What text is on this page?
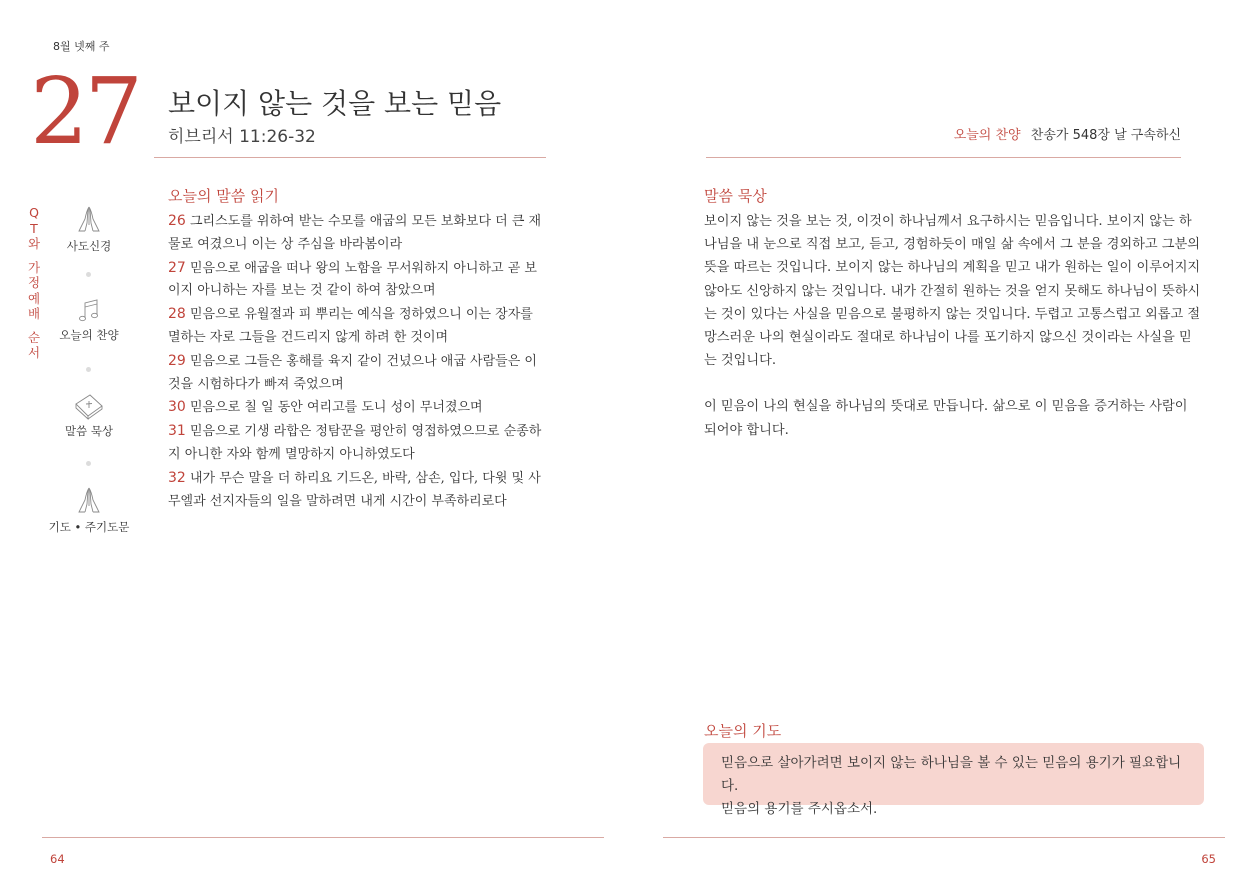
8월 넷째 주
27 보이지 않는 것을 보는 믿음
히브리서 11:26-32
Q
T
와
가
정
예
배
순
서
사도신경
오늘의 찬양
말씀 묵상
기도 • 주기도문
오늘의 말씀 읽기
26 그리스도를 위하여 받는 수모를 애굽의 모든 보화보다 더 큰 재물로 여겼으니 이는 상 주심을 바라봄이라
27 믿음으로 애굽을 떠나 왕의 노함을 무서워하지 아니하고 곧 보이지 아니하는 자를 보는 것 같이 하여 참았으며
28 믿음으로 유월절과 피 뿌리는 예식을 정하였으니 이는 장자를 멸하는 자로 그들을 건드리지 않게 하려 한 것이며
29 믿음으로 그들은 홍해를 육지 같이 건넜으나 애굽 사람들은 이것을 시험하다가 빠져 죽었으며
30 믿음으로 칠 일 동안 여리고를 도니 성이 무너졌으며
31 믿음으로 기생 라합은 정탐꾼을 평안히 영접하였으므로 순종하지 아니한 자와 함께 멸망하지 아니하였도다
32 내가 무슨 말을 더 하리요 기드온, 바락, 삼손, 입다, 다윗 및 사무엘과 선지자들의 일을 말하려면 내게 시간이 부족하리로다
64
오늘의 찬양 찬송가 548장 날 구속하신
말씀 묵상

보이지 않는 것을 보는 것, 이것이 하나님께서 요구하시는 믿음입니다. 보이지 않는 하나님을 내 눈으로 직접 보고, 듣고, 경험하듯이 매일 삶 속에서 그 분을 경외하고 그분의 뜻을 따르는 것입니다. 보이지 않는 하나님의 계획을 믿고 내가 원하는 일이 이루어지지 않아도 신앙하지 않는 것입니다. 내가 간절히 원하는 것을 얻지 못해도 하나님이 뜻하시는 것이 있다는 사실을 믿음으로 불평하지 않는 것입니다. 두렵고 고통스럽고 외롭고 절망스러운 나의 현실이라도 절대로 하나님이 나를 포기하지 않으신 것이라는 사실을 믿는 것입니다.

이 믿음이 나의 현실을 하나님의 뜻대로 만듭니다. 삶으로 이 믿음을 증거하는 사람이 되어야 합니다.

오늘의 기도

믿음으로 살아가려면 보이지 않는 하나님을 볼 수 있는 믿음의 용기가 필요합니다.

믿음의 용기를 주시옵소서.

65
